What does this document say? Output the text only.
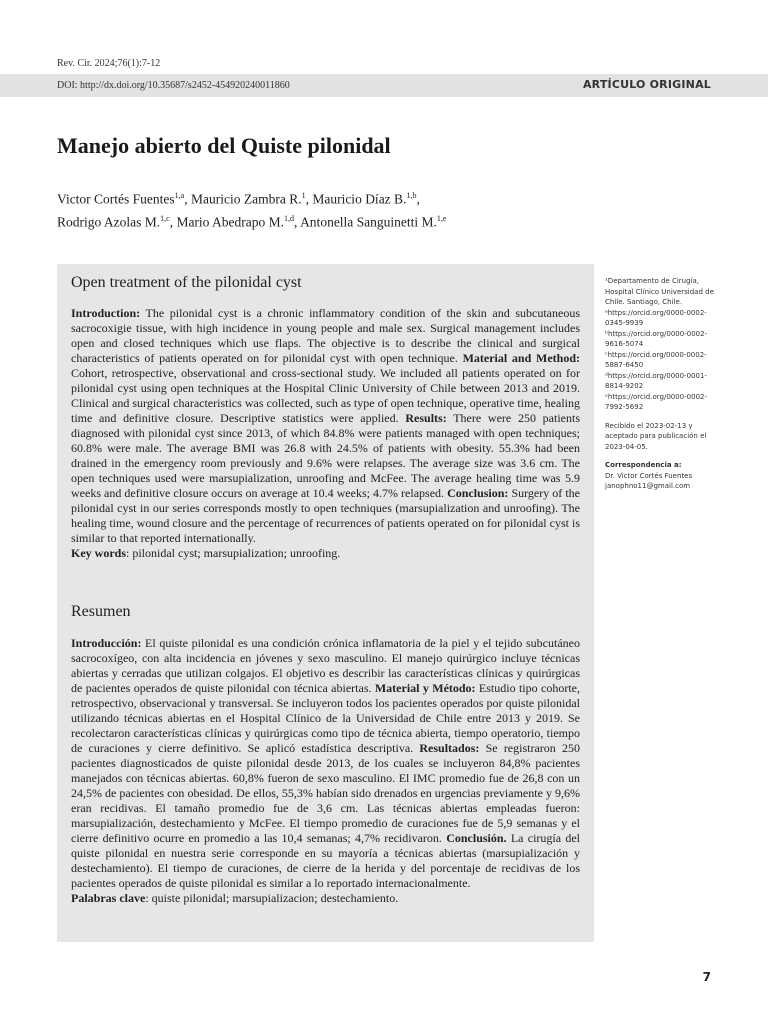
Rev. Cir. 2024;76(1):7-12
DOI: http://dx.doi.org/10.35687/s2452-454920240011860	ARTÍCULO ORIGINAL
Manejo abierto del Quiste pilonidal
Victor Cortés Fuentes$^{1,a}$, Mauricio Zambra R.$^1$, Mauricio Díaz B.$^{1,b}$,
Rodrigo Azolas M.$^{1,c}$, Mario Abedrapo M.$^{1,d}$, Antonella Sanguinetti M.$^{1,e}$
Open treatment of the pilonidal cyst
Introduction: The pilonidal cyst is a chronic inflammatory condition of the skin and subcutaneous sacrocoxigie tissue, with high incidence in young people and male sex. Surgical management includes open and closed techniques which use flaps. The objective is to describe the clinical and surgical characteristics of patients operated on for pilonidal cyst with open technique. Material and Method: Cohort, retrospective, observational and cross-sectional study. We included all patients operated on for pilonidal cyst using open techniques at the Hospital Clinic University of Chile between 2013 and 2019. Clinical and surgical characteristics was collected, such as type of open technique, operative time, healing time and definitive closure. Descriptive statistics were applied. Results: There were 250 patients diagnosed with pilonidal cyst since 2013, of which 84.8% were patients managed with open techniques; 60.8% were male. The average BMI was 26.8 with 24.5% of patients with obesity. 55.3% had been drained in the emergency room previously and 9.6% were relapses. The average size was 3.6 cm. The open techniques used were marsupialization, unroofing and McFee. The average healing time was 5.9 weeks and definitive closure occurs on average at 10.4 weeks; 4.7% relapsed. Conclusion: Surgery of the pilonidal cyst in our series corresponds mostly to open techniques (marsupialization and unroofing). The healing time, wound closure and the percentage of recurrences of patients operated on for pilonidal cyst is similar to that reported internationally.
Key words: pilonidal cyst; marsupialization; unroofing.
Resumen
Introducción: El quiste pilonidal es una condición crónica inflamatoria de la piel y el tejido subcutáneo sacrocoxígeo, con alta incidencia en jóvenes y sexo masculino. El manejo quirúrgico incluye técnicas abiertas y cerradas que utilizan colgajos. El objetivo es describir las características clínicas y quirúrgicas de pacientes operados de quiste pilonidal con técnica abiertas. Material y Método: Estudio tipo cohorte, retrospectivo, observacional y transversal. Se incluyeron todos los pacientes operados por quiste pilonidal utilizando técnicas abiertas en el Hospital Clínico de la Universidad de Chile entre 2013 y 2019. Se recolectaron características clínicas y quirúrgicas como tipo de técnica abierta, tiempo operatorio, tiempo de curaciones y cierre definitivo. Se aplicó estadística descriptiva. Resultados: Se registraron 250 pacientes diagnosticados de quiste pilonidal desde 2013, de los cuales se incluyeron 84,8% pacientes manejados con técnicas abiertas. 60,8% fueron de sexo masculino. El IMC promedio fue de 26,8 con un 24,5% de pacientes con obesidad. De ellos, 55,3% habían sido drenados en urgencias previamente y 9,6% eran recidivas. El tamaño promedio fue de 3,6 cm. Las técnicas abiertas empleadas fueron: marsupialización, destechamiento y McFee. El tiempo promedio de curaciones fue de 5,9 semanas y el cierre definitivo ocurre en promedio a las 10,4 semanas; 4,7% recidivaron. Conclusión. La cirugía del quiste pilonidal en nuestra serie corresponde en su mayoría a técnicas abiertas (marsupialización y destechamiento). El tiempo de curaciones, de cierre de la herida y del porcentaje de recidivas de los pacientes operados de quiste pilonidal es similar a lo reportado internacionalmente.
Palabras clave: quiste pilonidal; marsupializacion; destechamiento.
¹Departamento de Cirugía, Hospital Clínico Universidad de Chile. Santiago, Chile.
ᵃhttps://orcid.org/0000-0002-0345-9939
ᵇhttps://orcid.org/0000-0002-9616-5074
ᶜhttps://orcid.org/0000-0002-5887-6450
ᵈhttps://orcid.org/0000-0001-8814-9202
ᵉhttps://orcid.org/0000-0002-7992-5692
Recibido el 2023-02-13 y aceptado para publicación el 2023-04-05.
Correspondencia a:
Dr. Victor Cortés Fuentes
janophno11@gmail.com
7
